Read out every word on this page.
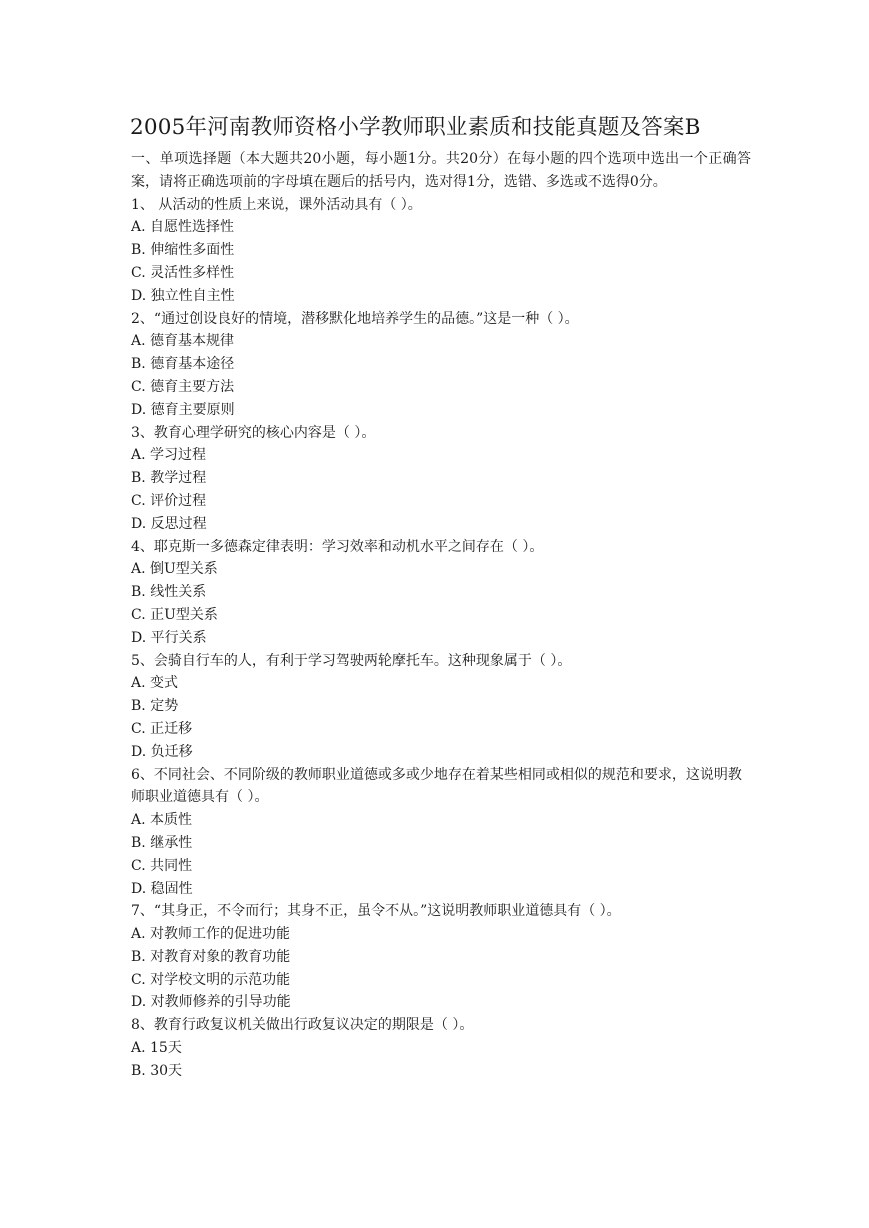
2005年河南教师资格小学教师职业素质和技能真题及答案B

一、单项选择题（本大题共20小题，每小题1分。共20分）在每小题的四个选项中选出一个正确答案，请将正确选项前的字母填在题后的括号内，选对得1分，选错、多选或不选得0分。

1、 从活动的性质上来说，课外活动具有（ ）。
A. 自愿性选择性
B. 伸缩性多面性
C. 灵活性多样性
D. 独立性自主性
2、“通过创设良好的情境，潜移默化地培养学生的品德。”这是一种（ ）。
A. 德育基本规律
B. 德育基本途径
C. 德育主要方法
D. 德育主要原则
3、教育心理学研究的核心内容是（ ）。
A. 学习过程
B. 教学过程
C. 评价过程
D. 反思过程
4、耶克斯一多德森定律表明：学习效率和动机水平之间存在（ ）。
A. 倒U型关系
B. 线性关系
C. 正U型关系
D. 平行关系
5、会骑自行车的人，有利于学习驾驶两轮摩托车。这种现象属于（ ）。
A. 变式
B. 定势
C. 正迁移
D. 负迁移
6、不同社会、不同阶级的教师职业道德或多或少地存在着某些相同或相似的规范和要求，这说明教师职业道德具有（ ）。
A. 本质性
B. 继承性
C. 共同性
D. 稳固性
7、“其身正，不令而行；其身不正，虽令不从。”这说明教师职业道德具有（ ）。
A. 对教师工作的促进功能
B. 对教育对象的教育功能
C. 对学校文明的示范功能
D. 对教师修养的引导功能
8、教育行政复议机关做出行政复议决定的期限是（ ）。
A. 15天
B. 30天
